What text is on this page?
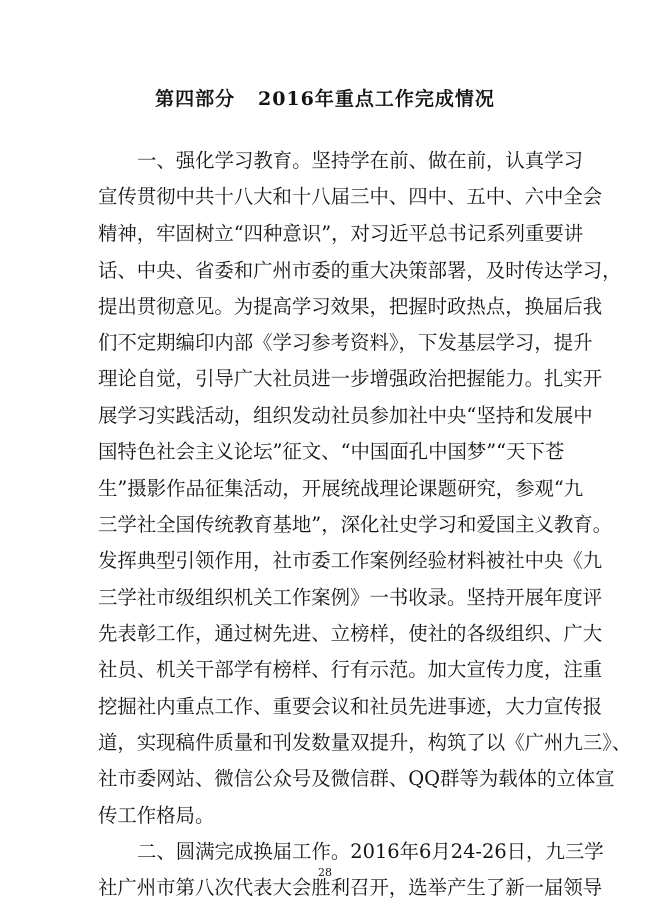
第四部分   2016年重点工作完成情况
一、强化学习教育。坚持学在前、做在前，认真学习
宣传贯彻中共十八大和十八届三中、四中、五中、六中全会
精神，牢固树立“四种意识”，对习近平总书记系列重要讲
话、中央、省委和广州市委的重大决策部署，及时传达学习，
提出贯彻意见。为提高学习效果，把握时政热点，换届后我
们不定期编印内部《学习参考资料》，下发基层学习，提升
理论自觉，引导广大社员进一步增强政治把握能力。扎实开
展学习实践活动，组织发动社员参加社中央“坚持和发展中
国特色社会主义论坛”征文、“中国面孔中国梦”“天下苍
生”摄影作品征集活动，开展统战理论课题研究，参观“九
三学社全国传统教育基地”，深化社史学习和爱国主义教育。
发挥典型引领作用，社市委工作案例经验材料被社中央《九
三学社市级组织机关工作案例》一书收录。坚持开展年度评
先表彰工作，通过树先进、立榜样，使社的各级组织、广大
社员、机关干部学有榜样、行有示范。加大宣传力度，注重
挖掘社内重点工作、重要会议和社员先进事迹，大力宣传报
道，实现稿件质量和刊发数量双提升，构筑了以《广州九三》、
社市委网站、微信公众号及微信群、QQ群等为载体的立体宣
传工作格局。
二、圆满完成换届工作。2016年6月24-26日，九三学
社广州市第八次代表大会胜利召开，选举产生了新一届领导
28
